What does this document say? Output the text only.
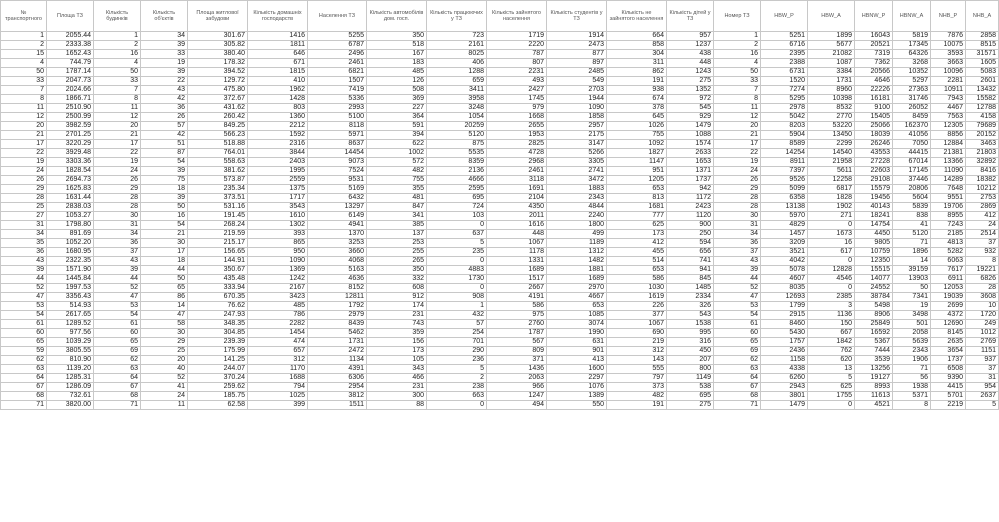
№ транспортного	Площа ТЗ	Кількість будинків	Кількість об'єктів	Площа житлової забудови	Кількість домашніх господарств	Населення ТЗ	Кількість автомобілів дом. госп.	Кількість працюючих у ТЗ	Кількість зайнятого населення	Кількість студентів у ТЗ	Кількість не зайнятого населення	Кількість дітей у ТЗ	Номер ТЗ	HBW_P	HBW_A	HBNW_P	HBNW_A	NHB_P	NHB_A
1	2055.44	1	34	301.67	1416	5255	350	723	1719	1914	664	957	1	5251	1899	16043	5819	7876	2858
2	2333.38	2	39	305.82	1811	6787	518	2161	2220	2473	858	1237	2	6716	5677	20521	17345	10075	8515
15	1652.43	16	33	380.40	646	2496	167	8025	787	877	304	438	16	2395	21082	7319	64326	3593	31571
4	744.79	4	19	178.32	671	2461	183	406	807	897	311	448	4	2388	1087	7362	3268	3663	1605
50	1787.14	50	39	394.52	1815	6821	485	1288	2231	2485	862	1243	50	6731	3384	20566	10352	10096	5083
33	2047.73	33	22	129.72	410	1507	126	659	493	549	191	275	33	1520	1731	4646	5297	2281	2601
7	2024.66	7	43	475.80	1962	7419	508	3411	2427	2703	938	1352	7	7274	8960	22226	27363	10911	13432
8	1866.71	8	42	372.67	1428	5336	369	3958	1745	1944	674	972	8	5295	10398	16181	31746	7943	15582
11	2510.90	11	36	431.62	803	2993	227	3248	979	1090	378	545	11	2978	8532	9100	26052	4467	12788
12	2500.99	12	26	260.42	1360	5100	364	1054	1668	1858	645	929	12	5042	2770	15405	8459	7563	4158
20	3982.59	20	57	849.25	2212	8118	591	20259	2655	2957	1026	1479	20	8203	53220	25066	162370	12305	79689
21	2701.25	21	42	566.23	1592	5971	394	5120	1953	2175	755	1088	21	5904	13450	18039	41056	8856	20152
17	3220.29	17	51	518.88	2316	8637	622	875	2825	3147	1092	1574	17	8589	2299	26246	7050	12884	3463
22	3929.48	22	87	764.01	3844	14454	1002	5535	4728	5266	1827	2633	22	14254	14540	43553	44415	21381	21803
19	3303.36	19	54	558.63	2403	9073	572	8359	2968	3305	1147	1653	19	8911	21958	27228	67014	13366	32892
24	1828.54	24	39	381.62	1995	7524	482	2136	2461	2741	951	1371	24	7397	5611	22603	17145	11090	8416
26	2694.73	26	75	573.87	2559	9531	755	4666	3118	3472	1205	1737	26	9526	12258	29108	37446	14289	18382
29	1625.83	29	18	235.34	1375	5169	355	2595	1691	1883	653	942	29	5099	6817	15579	20806	7648	10212
28	1631.44	28	39	373.51	1717	6432	481	695	2104	2343	813	1172	28	6358	1828	19456	5604	9551	2753
25	2838.03	28	50	531.16	3543	13297	847	724	4350	4844	1681	2423	28	13138	1902	40143	5839	19706	2869
27	1053.27	30	16	191.45	1610	6149	341	103	2011	2240	777	1120	30	5970	271	18241	838	8955	412
31	1798.80	31	54	268.24	1302	4941	385	0	1616	1800	625	900	31	4829	0	14754	41	7243	24
34	891.69	34	21	219.59	393	1370	137	637	448	499	173	250	34	1457	1673	4450	5120	2185	2514
35	1052.20	36	30	215.17	865	3253	253	5	1067	1189	412	594	36	3209	16	9805	71	4813	37
36	1680.95	37	17	156.65	950	3660	255	235	1178	1312	455	656	37	3521	617	10759	1896	5282	932
43	2322.35	43	18	144.91	1090	4068	265	0	1331	1482	514	741	43	4042	0	12350	14	6063	8
39	1571.90	39	44	350.67	1369	5163	350	4883	1689	1881	653	941	39	5078	12828	15515	39159	7617	19221
44	1445.84	44	50	435.48	1242	4636	332	1730	1517	1689	586	845	44	4607	4546	14077	13903	6911	6826
52	1997.53	52	65	333.94	2167	8152	608	0	2667	2970	1030	1485	52	8035	0	24552	50	12053	28
47	3356.43	47	86	670.35	3423	12811	912	908	4191	4667	1619	2334	47	12693	2385	38784	7341	19039	3608
53	514.93	53	14	76.62	485	1792	174	1	586	653	226	326	53	1799	3	5498	19	2699	10
54	2617.65	54	47	247.93	786	2979	231	432	975	1085	377	543	54	2915	1136	8906	3498	4372	1720
61	1289.52	61	58	348.35	2282	8439	743	57	2760	3074	1067	1538	61	8460	150	25849	501	12690	249
60	977.56	60	30	304.85	1454	5462	359	254	1787	1990	690	995	60	5430	667	16592	2058	8145	1012
65	1039.29	65	29	239.39	474	1731	156	701	567	631	219	316	65	1757	1842	5367	5639	2635	2769
59	3805.55	69	25	175.99	657	2472	173	290	809	901	312	450	69	2436	762	7444	2343	3654	1151
62	810.90	62	20	141.25	312	1134	105	236	371	413	143	207	62	1158	620	3539	1906	1737	937
63	1139.20	63	40	244.07	1170	4391	343	5	1436	1600	555	800	63	4338	13	13256	71	6508	37
64	1285.31	64	52	370.24	1688	6306	466	2	2063	2297	797	1149	64	6260	5	19127	56	9390	31
67	1286.09	67	41	259.62	794	2954	231	238	966	1076	373	538	67	2943	625	8993	1938	4415	954
68	732.61	68	24	185.75	1025	3812	300	663	1247	1389	482	695	68	3801	1755	11613	5371	5701	2637
71	3820.00	71	11	62.58	399	1511	88	0	494	550	191	275	71	1479	0	4521	8	2219	5
